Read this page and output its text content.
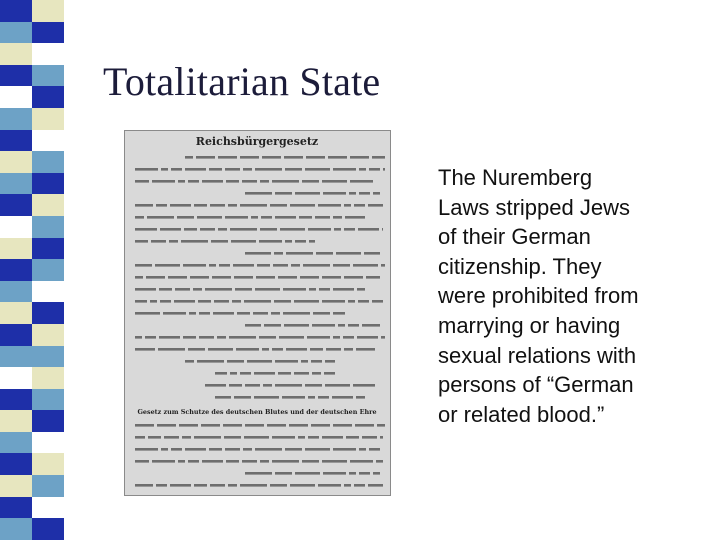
Totalitarian State
Reichsbürgergesetz
Gesetz zum Schutze des deutschen Blutes und der deutschen Ehre
The Nuremberg
Laws stripped Jews
of their German
citizenship. They
were prohibited from
marrying or having
sexual relations with
persons of “German
or related blood.”
